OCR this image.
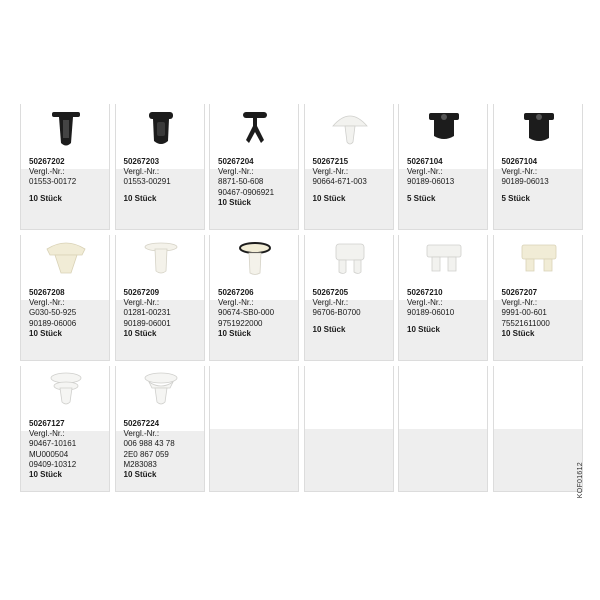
50267202
Vergl.-Nr.:
01553-00172
10 Stück
50267203
Vergl.-Nr.:
01553-00291
10 Stück
50267204
Vergl.-Nr.:
8871-50-608
90467-0906921
10 Stück
50267215
Vergl.-Nr.:
90664-671-003
10 Stück
50267104
Vergl.-Nr.:
90189-06013
5 Stück
50267104
Vergl.-Nr.:
90189-06013
5 Stück
50267208
Vergl.-Nr.:
G030-50-925
90189-06006
10 Stück
50267209
Vergl.-Nr.:
01281-00231
90189-06001
10 Stück
50267206
Vergl.-Nr.:
90674-SB0-000
9751922000
10 Stück
50267205
Vergl.-Nr.:
96706-B0700
10 Stück
50267210
Vergl.-Nr.:
90189-06010
10 Stück
50267207
Vergl.-Nr.:
9991-00-601
75521611000
10 Stück
50267127
Vergl.-Nr.:
90467-10161
MU000504
09409-10312
10 Stück
50267224
Vergl.-Nr.:
006 988 43 78
2E0 867 059
M283083
10 Stück	KOF01612
